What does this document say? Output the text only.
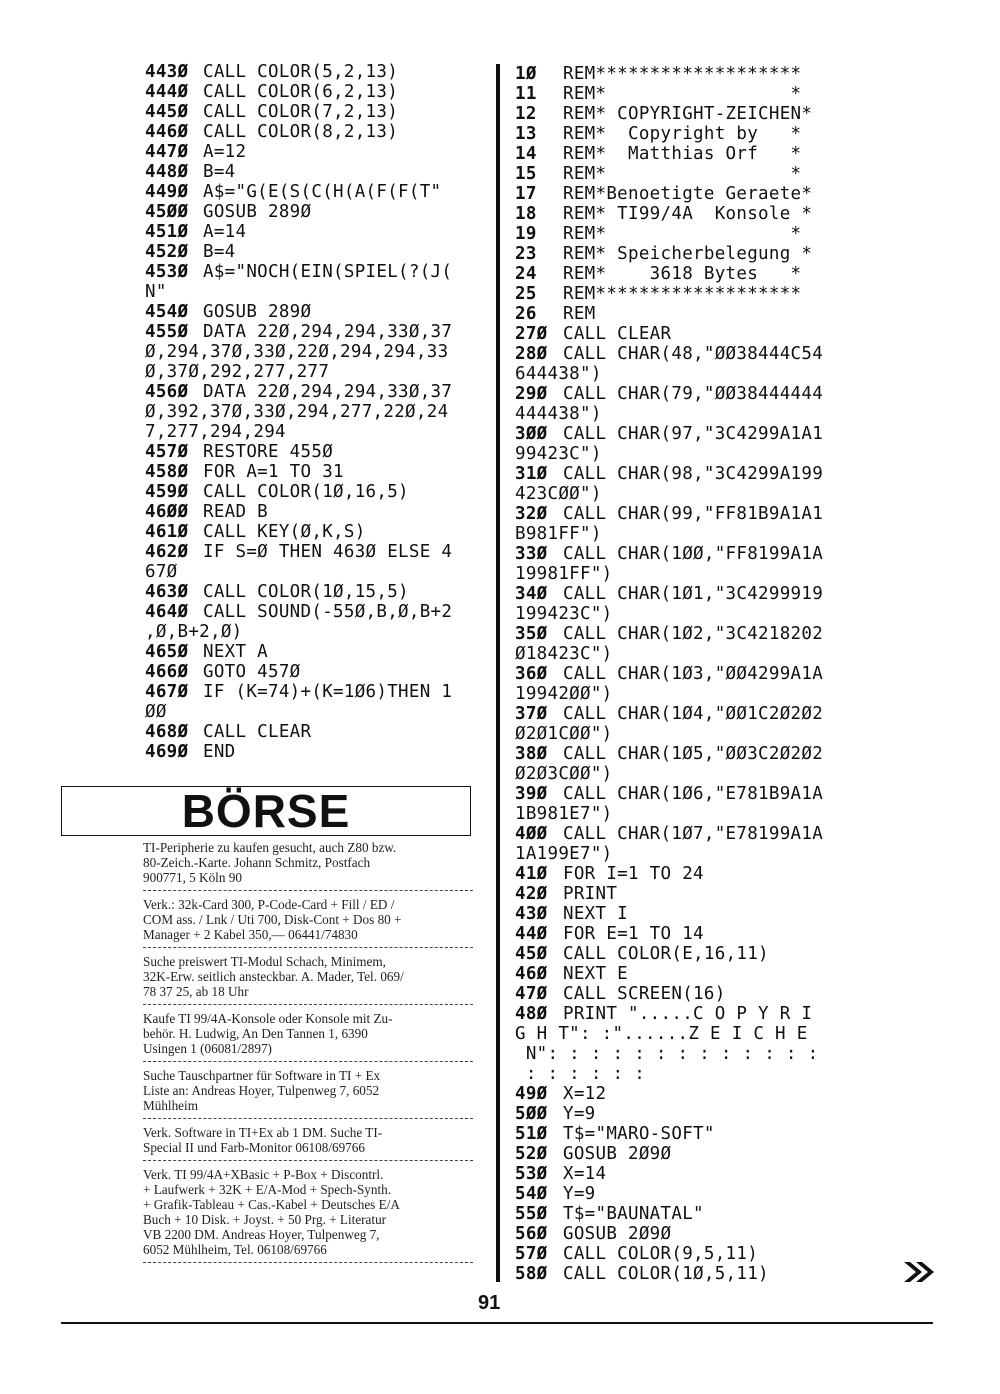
443Ø CALL COLOR(5,2,13)
444Ø CALL COLOR(6,2,13)
445Ø CALL COLOR(7,2,13)
446Ø CALL COLOR(8,2,13)
447Ø A=12
448Ø B=4
449Ø A$="G(E(S(C(H(A(F(F(T"
45ØØ GOSUB 289Ø
451Ø A=14
452Ø B=4
453Ø A$="NOCH(EIN(SPIEL(?(J(
N"
454Ø GOSUB 289Ø
455Ø DATA 22Ø,294,294,33Ø,37
Ø,294,37Ø,33Ø,22Ø,294,294,33
Ø,37Ø,292,277,277
456Ø DATA 22Ø,294,294,33Ø,37
Ø,392,37Ø,33Ø,294,277,22Ø,24
7,277,294,294
457Ø RESTORE 455Ø
458Ø FOR A=1 TO 31
459Ø CALL COLOR(1Ø,16,5)
46ØØ READ B
461Ø CALL KEY(Ø,K,S)
462Ø IF S=Ø THEN 463Ø ELSE 4
67Ø
463Ø CALL COLOR(1Ø,15,5)
464Ø CALL SOUND(-55Ø,B,Ø,B+2
,Ø,B+2,Ø)
465Ø NEXT A
466Ø GOTO 457Ø
467Ø IF (K=74)+(K=1Ø6)THEN 1
ØØ
468Ø CALL CLEAR
469Ø END
1Ø	REM*******************
11	REM*                 *
12	REM* COPYRIGHT-ZEICHEN*
13	REM*  Copyright by   *
14	REM*  Matthias Orf   *
15	REM*                 *
17	REM*Benoetigte Geraete*
18	REM* TI99/4A  Konsole *
19	REM*                 *
23	REM* Speicherbelegung *
24	REM*    3618 Bytes   *
25	REM*******************
26	REM
27Ø CALL CLEAR
28Ø CALL CHAR(48,"ØØ38444C54
644438")
29Ø CALL CHAR(79,"ØØ38444444
444438")
3ØØ CALL CHAR(97,"3C4299A1A1
99423C")
31Ø CALL CHAR(98,"3C4299A199
423CØØ")
32Ø CALL CHAR(99,"FF81B9A1A1
B981FF")
33Ø CALL CHAR(1ØØ,"FF8199A1A
19981FF")
34Ø CALL CHAR(1Ø1,"3C4299919
199423C")
35Ø CALL CHAR(1Ø2,"3C4218202
Ø18423C")
36Ø CALL CHAR(1Ø3,"ØØ4299A1A
19942ØØ")
37Ø CALL CHAR(1Ø4,"ØØ1C2Ø2Ø2
Ø2Ø1CØØ")
38Ø CALL CHAR(1Ø5,"ØØ3C2Ø2Ø2
Ø2Ø3CØØ")
39Ø CALL CHAR(1Ø6,"E781B9A1A
1B981E7")
4ØØ CALL CHAR(1Ø7,"E78199A1A
1A199E7")
41Ø FOR I=1 TO 24
42Ø PRINT
43Ø NEXT I
44Ø FOR E=1 TO 14
45Ø CALL COLOR(E,16,11)
46Ø NEXT E
47Ø CALL SCREEN(16)
48Ø PRINT ".....C O P Y R I
G H T": :"......Z E I C H E
N": : : : : : : : : : : : :
: : : : : :
49Ø X=12
5ØØ Y=9
51Ø T$="MARO-SOFT"
52Ø GOSUB 2Ø9Ø
53Ø X=14
54Ø Y=9
55Ø T$="BAUNATAL"
56Ø GOSUB 2Ø9Ø
57Ø CALL COLOR(9,5,11)
58Ø CALL COLOR(1Ø,5,11)
BÖRSE
TI-Peripherie zu kaufen gesucht, auch Z80 bzw.
80-Zeich.-Karte. Johann Schmitz, Postfach
900771, 5 Köln 90
Verk.: 32k-Card 300, P-Code-Card + Fill / ED /
COM ass. / Lnk / Uti 700, Disk-Cont + Dos 80 +
Manager + 2 Kabel 350,— 06441/74830
Suche preiswert TI-Modul Schach, Minimem,
32K-Erw. seitlich ansteckbar. A. Mader, Tel. 069/
78 37 25, ab 18 Uhr
Kaufe TI 99/4A-Konsole oder Konsole mit Zu-
behör. H. Ludwig, An Den Tannen 1, 6390
Usingen 1 (06081/2897)
Suche Tauschpartner für Software in TI + Ex
Liste an: Andreas Hoyer, Tulpenweg 7, 6052
Mühlheim
Verk. Software in TI+Ex ab 1 DM. Suche TI-
Special II und Farb-Monitor 06108/69766
Verk. TI 99/4A+XBasic + P-Box + Discontrl.
+ Laufwerk + 32K + E/A-Mod + Spech-Synth.
+ Grafik-Tableau + Cas.-Kabel + Deutsches E/A
Buch + 10 Disk. + Joyst. + 50 Prg. + Literatur
VB 2200 DM. Andreas Hoyer, Tulpenweg 7,
6052 Mühlheim, Tel. 06108/69766
91
